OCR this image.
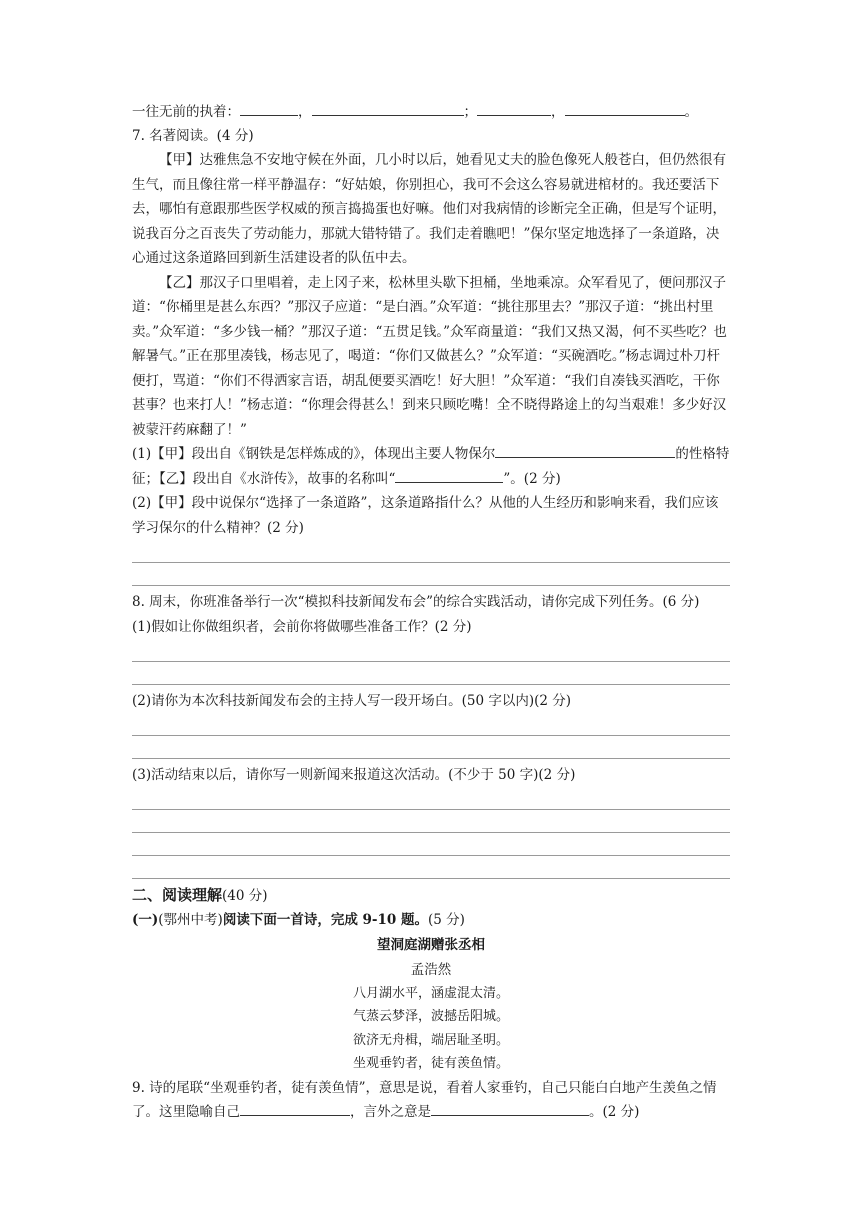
一往无前的执着：	，	；	，	。
7. 名著阅读。(4 分)
【甲】达雅焦急不安地守候在外面，几小时以后，她看见丈夫的脸色像死人般苍白，但仍然很有生气，而且像往常一样平静温存：“好姑娘，你别担心，我可不会这么容易就进棺材的。我还要活下去，哪怕有意跟那些医学权威的预言捣捣蛋也好嘛。他们对我病情的诊断完全正确，但是写个证明，说我百分之百丧失了劳动能力，那就大错特错了。我们走着瞧吧！”保尔坚定地选择了一条道路，决心通过这条道路回到新生活建设者的队伍中去。
【乙】那汉子口里唱着，走上冈子来，松林里头歇下担桶，坐地乘凉。众军看见了，便问那汉子道：“你桶里是甚么东西？”那汉子应道：“是白酒。”众军道：“挑往那里去？”那汉子道：“挑出村里卖。”众军道：“多少钱一桶？”那汉子道：“五贯足钱。”众军商量道：“我们又热又渴，何不买些吃？也解暑气。”正在那里凑钱，杨志见了，喝道：“你们又做甚么？”众军道：“买碗酒吃。”杨志调过朴刀杆便打，骂道：“你们不得洒家言语，胡乱便要买酒吃！好大胆！”众军道：“我们自凑钱买酒吃，干你甚事？也来打人！”杨志道：“你理会得甚么！到来只顾吃嘴！全不晓得路途上的勾当艰难！多少好汉被蒙汗药麻翻了！”
(1)【甲】段出自《钢铁是怎样炼成的》，体现出主要人物保尔	的性格特征；【乙】段出自《水浒传》，故事的名称叫“	”。(2 分)
(2)【甲】段中说保尔“选择了一条道路”，这条道路指什么？从他的人生经历和影响来看，我们应该学习保尔的什么精神？(2 分)
8. 周末，你班准备举行一次“模拟科技新闻发布会”的综合实践活动，请你完成下列任务。(6 分)
(1)假如让你做组织者，会前你将做哪些准备工作？(2 分)
(2)请你为本次科技新闻发布会的主持人写一段开场白。(50 字以内)(2 分)
(3)活动结束以后，请你写一则新闻来报道这次活动。(不少于 50 字)(2 分)
二、阅读理解(40 分)
(一)(鄂州中考)阅读下面一首诗，完成 9-10 题。(5 分)
望洞庭湖赠张丞相
孟浩然
八月湖水平，涵虚混太清。
气蒸云梦泽，波撼岳阳城。
欲济无舟楫，端居耻圣明。
坐观垂钓者，徒有羡鱼情。
9. 诗的尾联“坐观垂钓者，徒有羡鱼情”，意思是说，看着人家垂钓，自己只能白白地产生羡鱼之情了。这里隐喻自己	，言外之意是	。(2 分)
